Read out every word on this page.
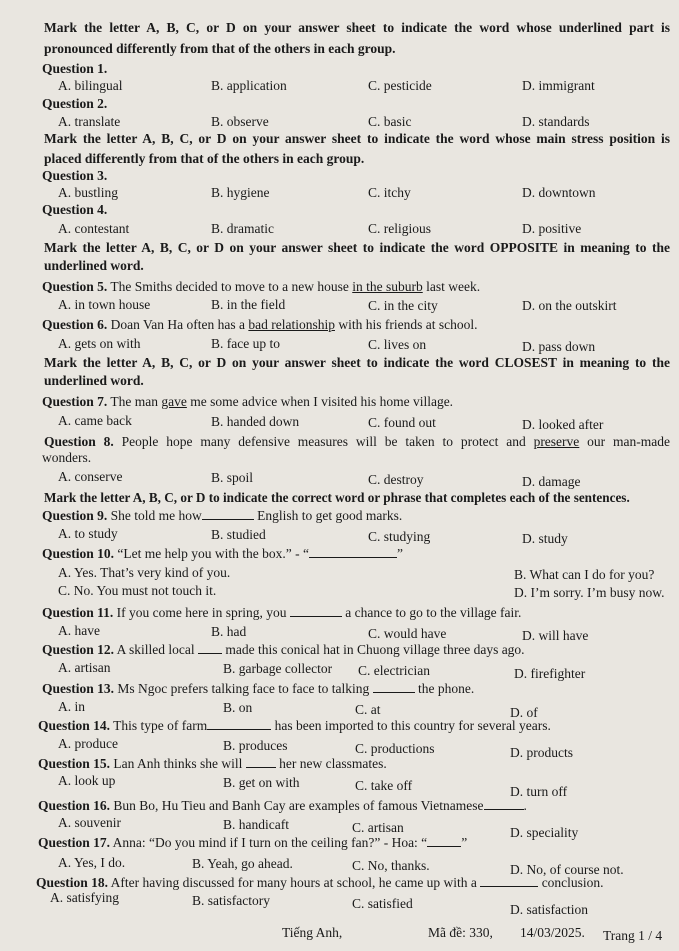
Mark the letter A, B, C, or D on your answer sheet to indicate the word whose underlined part is
pronounced differently from that of the others in each group.
Question 1.
A. bilingual	B. application	C. pesticide	D. immigrant
Question 2.
A. translate	B. observe	C. basic	D. standards
Mark the letter A, B, C, or D on your answer sheet to indicate the word whose main stress position is
placed differently from that of the others in each group.
Question 3.
A. bustling	B. hygiene	C. itchy	D. downtown
Question 4.
A. contestant	B. dramatic	C. religious	D. positive
Mark the letter A, B, C, or D on your answer sheet to indicate the word OPPOSITE in meaning to the
underlined word.
Question 5. The Smiths decided to move to a new house in the suburb last week.
A. in town house	B. in the field	C. in the city	D. on the outskirt
Question 6. Doan Van Ha often has a bad relationship with his friends at school.
A. gets on with	B. face up to	C. lives on	D. pass down
Mark the letter A, B, C, or D on your answer sheet to indicate the word CLOSEST in meaning to the
underlined word.
Question 7. The man gave me some advice when I visited his home village.
A. came back	B. handed down	C. found out	D. looked after
Question 8. People hope many defensive measures will be taken to protect and preserve our man-made
wonders.
A. conserve	B. spoil	C. destroy	D. damage
Mark the letter A, B, C, or D to indicate the correct word or phrase that completes each of the sentences.
Question 9. She told me how	English to get good marks.
A. to study	B. studied	C. studying	D. study
Question 10. “Let me help you with the box.” - “	”
A. Yes. That’s very kind of you.	B. What can I do for you?
C. No. You must not touch it.	D. I’m sorry. I’m busy now.
Question 11. If you come here in spring, you	a chance to go to the village fair.
A. have	B. had	C. would have	D. will have
Question 12. A skilled local  made this conical hat in Chuong village three days ago.
A. artisan	B. garbage collector C. electrician	D. firefighter
Question 13. Ms Ngoc prefers talking face to face to talking	the phone.
A. in	B. on	C. at	D. of
Question 14. This type of farm	has been imported to this country for several years.
A. produce	B. produces	C. productions	D. products
Question 15. Lan Anh thinks she will  her new classmates.
A. look up	B. get on with	C. take off	D. turn off
Question 16. Bun Bo, Hu Tieu and Banh Cay are examples of famous Vietnamese	.
A. souvenir	B. handicaft	C. artisan	D. speciality
Question 17. Anna: “Do you mind if I turn on the ceiling fan?” - Hoa: “	”
A. Yes, I do.	B. Yeah, go ahead.	C. No, thanks.	D. No, of course not.
Question 18. After having discussed for many hours at school, he came up with a	conclusion.
A. satisfying	B. satisfactory	C. satisfied	D. satisfaction
Tiếng Anh,	Mã đề: 330, 14/03/2025. Trang 1 / 4
